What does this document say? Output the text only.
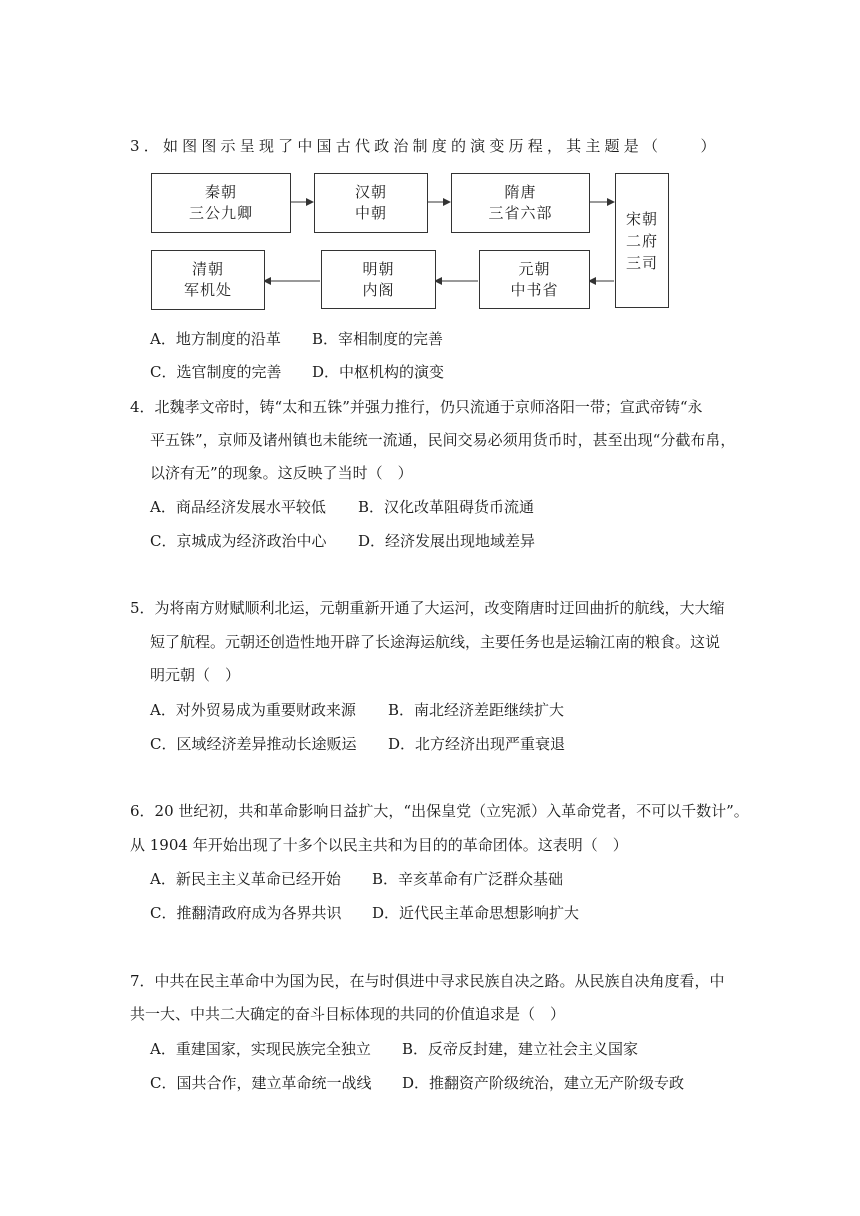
3．如图图示呈现了中国古代政治制度的演变历程，其主题是（　　）
秦朝
三公九卿
汉朝
中朝
隋唐
三省六部	宋朝
二府
三司
元朝
中书省
明朝
内阁
清朝
军机处
A．地方制度的沿革 B．宰相制度的完善
C．选官制度的完善 D．中枢机构的演变
4．北魏孝文帝时，铸“太和五铢”并强力推行，仍只流通于京师洛阳一带；宣武帝铸“永
平五铢”，京师及诸州镇也未能统一流通，民间交易必须用货币时，甚至出现“分截布帛，
以济有无”的现象。这反映了当时（　）
A．商品经济发展水平较低 B．汉化改革阻碍货币流通
C．京城成为经济政治中心 D．经济发展出现地域差异
5．为将南方财赋顺利北运，元朝重新开通了大运河，改变隋唐时迂回曲折的航线，大大缩
短了航程。元朝还创造性地开辟了长途海运航线，主要任务也是运输江南的粮食。这说
明元朝（　）
A．对外贸易成为重要财政来源 B．南北经济差距继续扩大
C．区域经济差异推动长途贩运 D．北方经济出现严重衰退
6．20 世纪初，共和革命影响日益扩大，“出保皇党（立宪派）入革命党者，不可以千数计”。
从 1904 年开始出现了十多个以民主共和为目的的革命团体。这表明（　）
A．新民主主义革命已经开始 B．辛亥革命有广泛群众基础
C．推翻清政府成为各界共识 D．近代民主革命思想影响扩大
7．中共在民主革命中为国为民，在与时俱进中寻求民族自决之路。从民族自决角度看，中
共一大、中共二大确定的奋斗目标体现的共同的价值追求是（　）
A．重建国家，实现民族完全独立 B．反帝反封建，建立社会主义国家
C．国共合作，建立革命统一战线 D．推翻资产阶级统治，建立无产阶级专政
